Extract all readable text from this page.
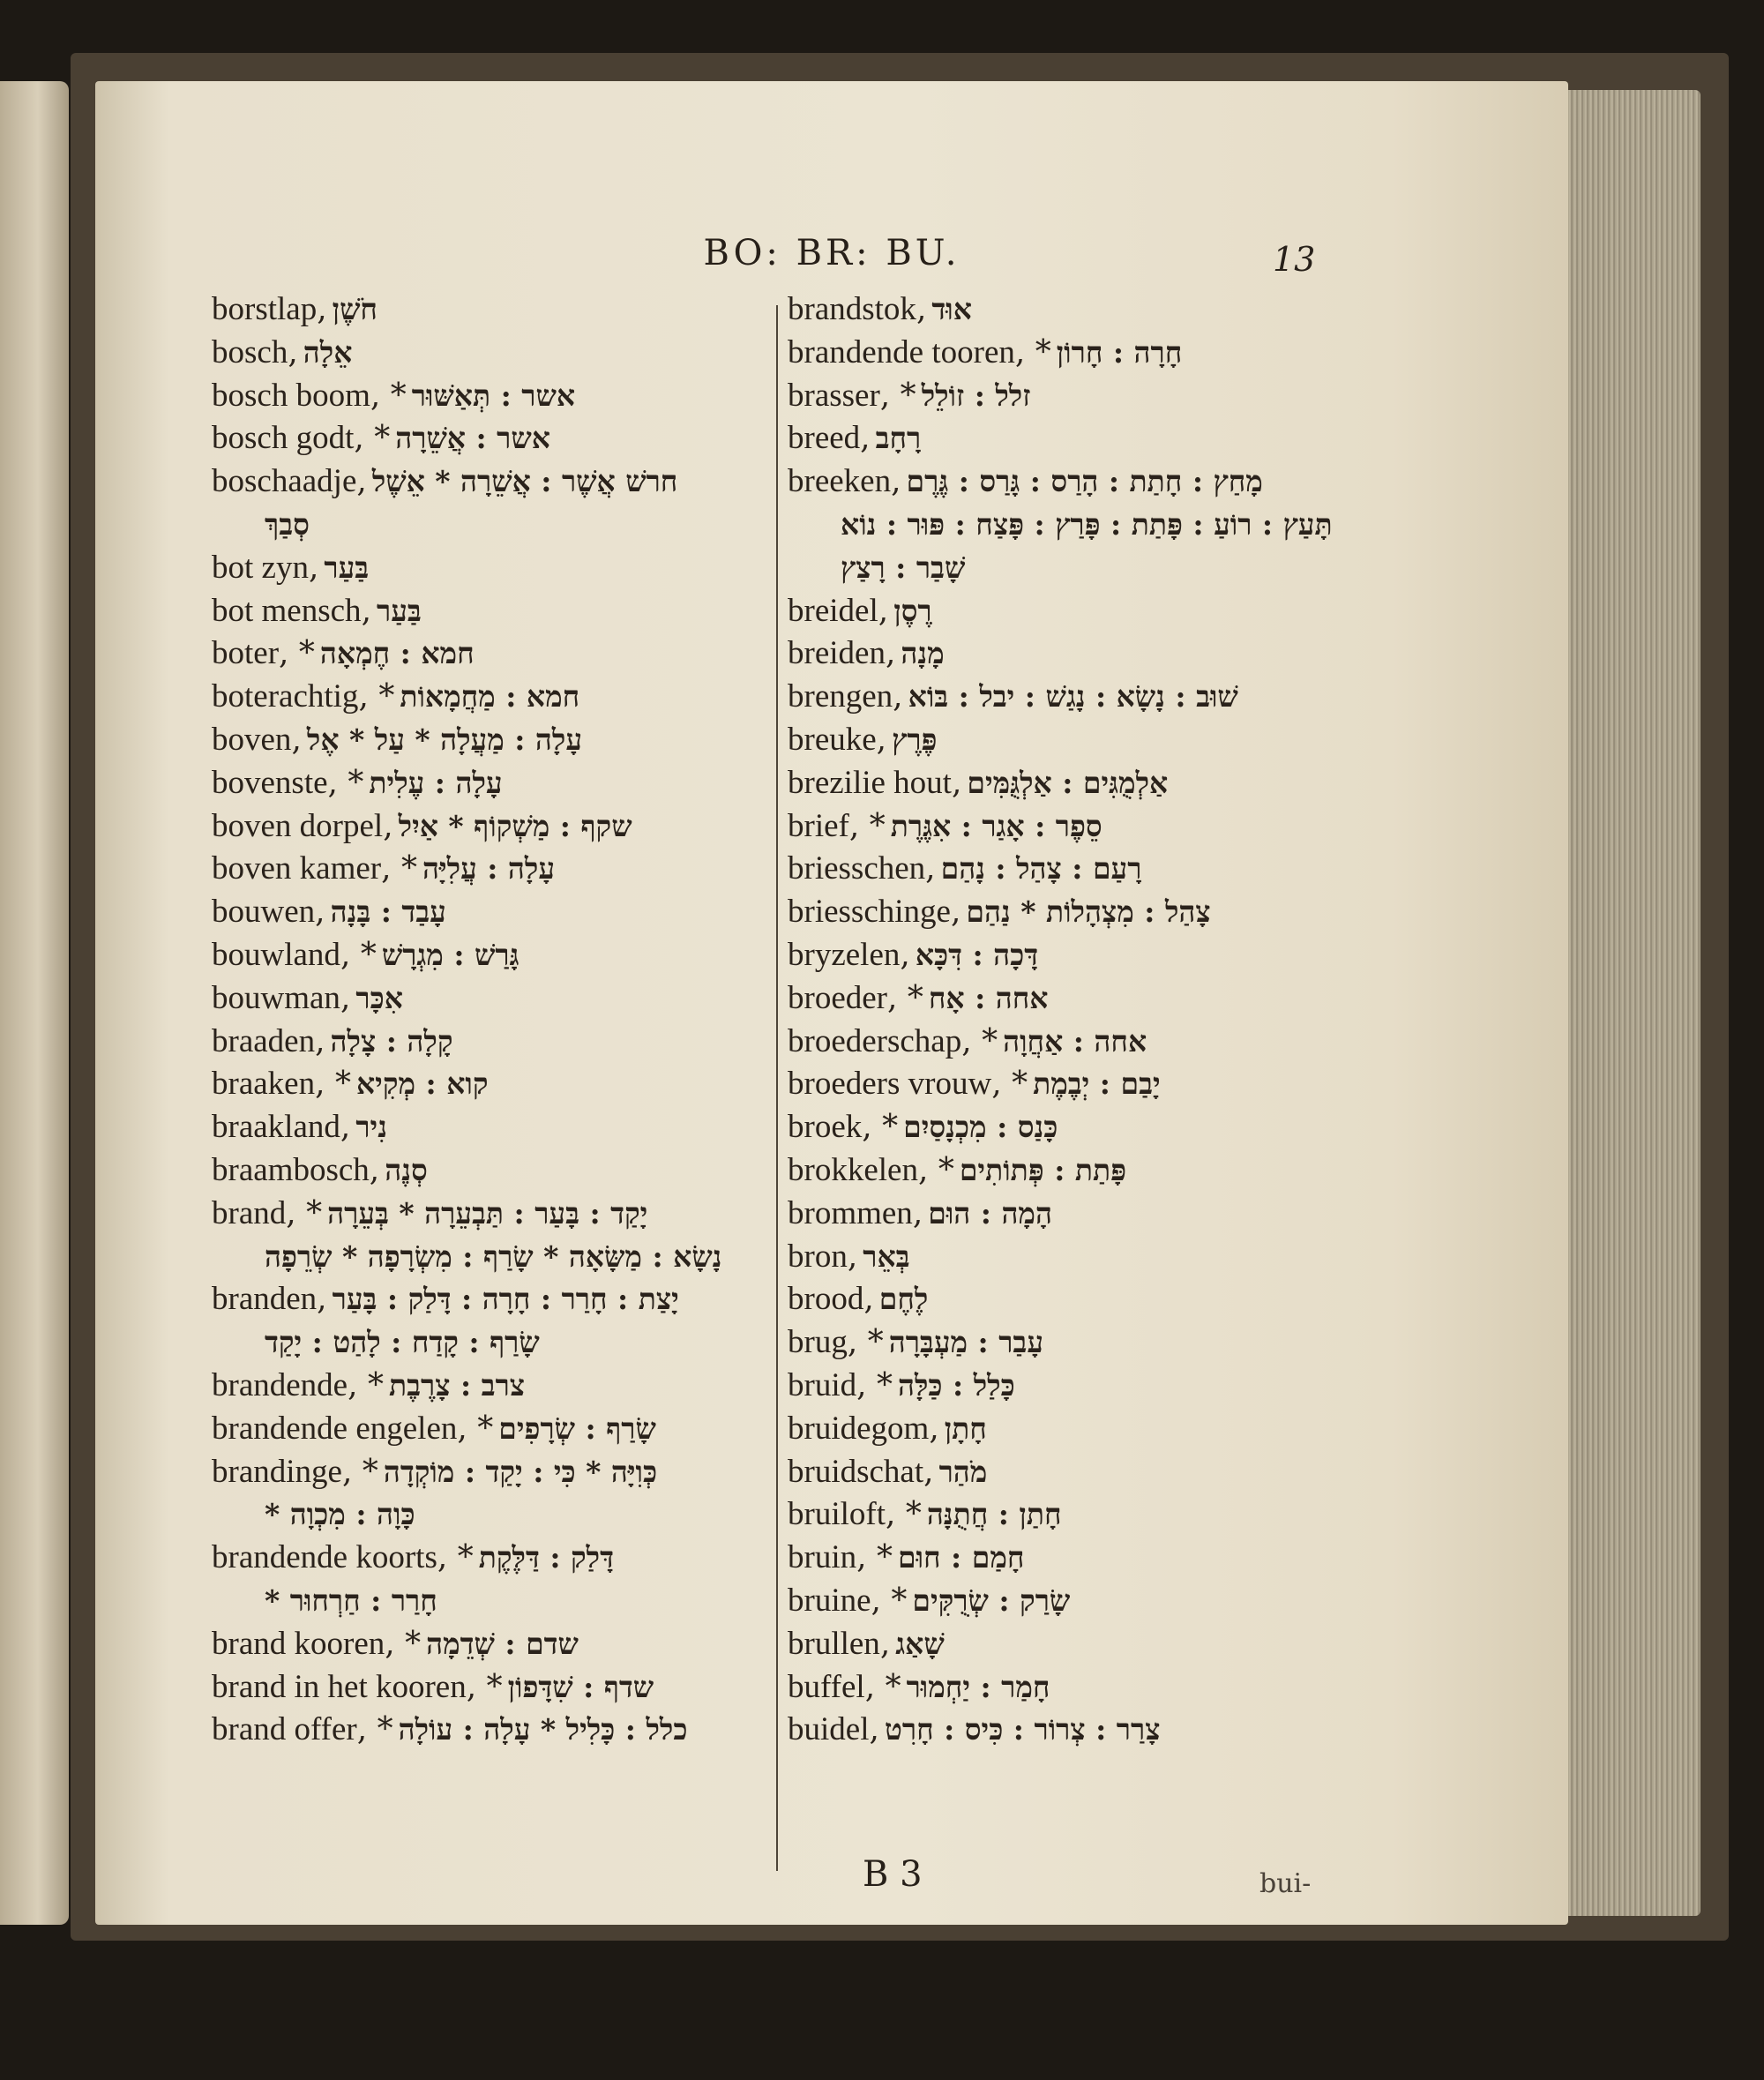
BO: BR: BU.	13
borstlap, חֹשֶׁן
bosch, אֵלָה
bosch boom, * אשר : תְּאַשּׁוּר
bosch godt, * אשר : אֲשֵׁרָה
boschaadje, חרשׁ אֲשֶׁר : אֲשֵׁרָה * אֵשֶׁל
סְבַךְ
bot zyn, בַּעַר
bot mensch, בַּעַר
boter, * חמא : חֶמְאָה
boterachtig, * חמא : מַחֲמָאוֹת
boven, עָלָה : מַעֲלָה * עַל * אֶל
bovenste, * עָלָה : עֶלִית
boven dorpel, שקף : מַשְׁקוֹף * אַיִל
boven kamer, * עָלָה : עֲלִיָּה
bouwen, עָבַד : בָּנָה
bouwland, * גָּרַשׁ : מִגְרָשׁ
bouwman, אִכָּר
braaden, קָלָה : צָלָה
braaken, * קוא : מְקִיא
braakland, נִיר
braambosch, סְנֶה
brand, * יָקַד : בָּעַר : תַּבְעֵרָה * בְּעֵרָה
נָשָׂא : מַשָּׂאָה * שָׂרַף : מִשְׂרָפָה * שְׂרֵפָה
branden, יָצַת : חָרַר : חָרָה : דָּלַק : בָּעַר
שָׂרַף : קָדַח : לָהַט : יָקַד
brandende, * צרב : צָרֶבֶת
brandende engelen, * שָׂרַף : שְׂרָפִים
brandinge, * כְּוִיָּה * כִּי : יָקַד : מוֹקְדָה
כָּוָה : מִכְוָה *
brandende koorts, * דָּלַק : דַּלֶּקֶת
חָרַר : חַרְחוּר *
brand kooren, * שדם : שְׁדֵמָה
brand in het kooren, * שדף : שִׁדָּפוֹן
brand offer, * כלל : כָּלִיל * עָלָה : עוֹלָה
brandstok, אוּד
brandende tooren, * חָרָה : חָרוֹן
brasser, * זלל : זוֹלֵל
breed, רָחָב
breeken, מָחַץ : חָתַת : הָרַס : גָּרַס : גֶּרֶם
תָּעַץ : רוֹעַ : פָּתַת : פָּרַץ : פָּצַח : פּוּר : נוֹא
שָׁבַר : רָצַץ
breidel, רֶסֶן
breiden, מָנָה
brengen, שׁוּב : נָשָׂא : נָגַשׁ : יבל : בּוֹא
breuke, פֶּרֶץ
brezilie hout, אַלְמֻגִּים : אַלְגֻּמִּים
brief, * סֵפֶר : אָגַר : אִגֶּרֶת
briesschen, רָעַם : צָהַל : נָהַם
briesschinge, צָהַל : מִצְהָלוֹת * נַהַם
bryzelen, דָּכָה : דִּכָּא
broeder, * אחה : אָח
broederschap, * אחה : אַחֲוָה
broeders vrouw, * יָבַם : יְבֶמֶת
broek, * כָּנַס : מִכְנָסַיִם
brokkelen, * פָּתַת : פְּתוֹתִים
brommen, הָמָה : הוּם
bron, בְּאֵר
brood, לֶחֶם
brug, * עָבַר : מַעְבָּרָה
bruid, * כָּלַל : כַּלָּה
bruidegom, חָתָן
bruidschat, מֹהַר
bruiloft, * חָתַן : חֲתֻנָּה
bruin, * חָמַם : חוּם
bruine, * שָׂרַק : שְׂרֻקִּים
brullen, שָׁאַג
buffel, * חָמַר : יַחְמוּר
buidel, צָרַר : צְרוֹר : כִּיס : חָרִט
B 3	bui-
